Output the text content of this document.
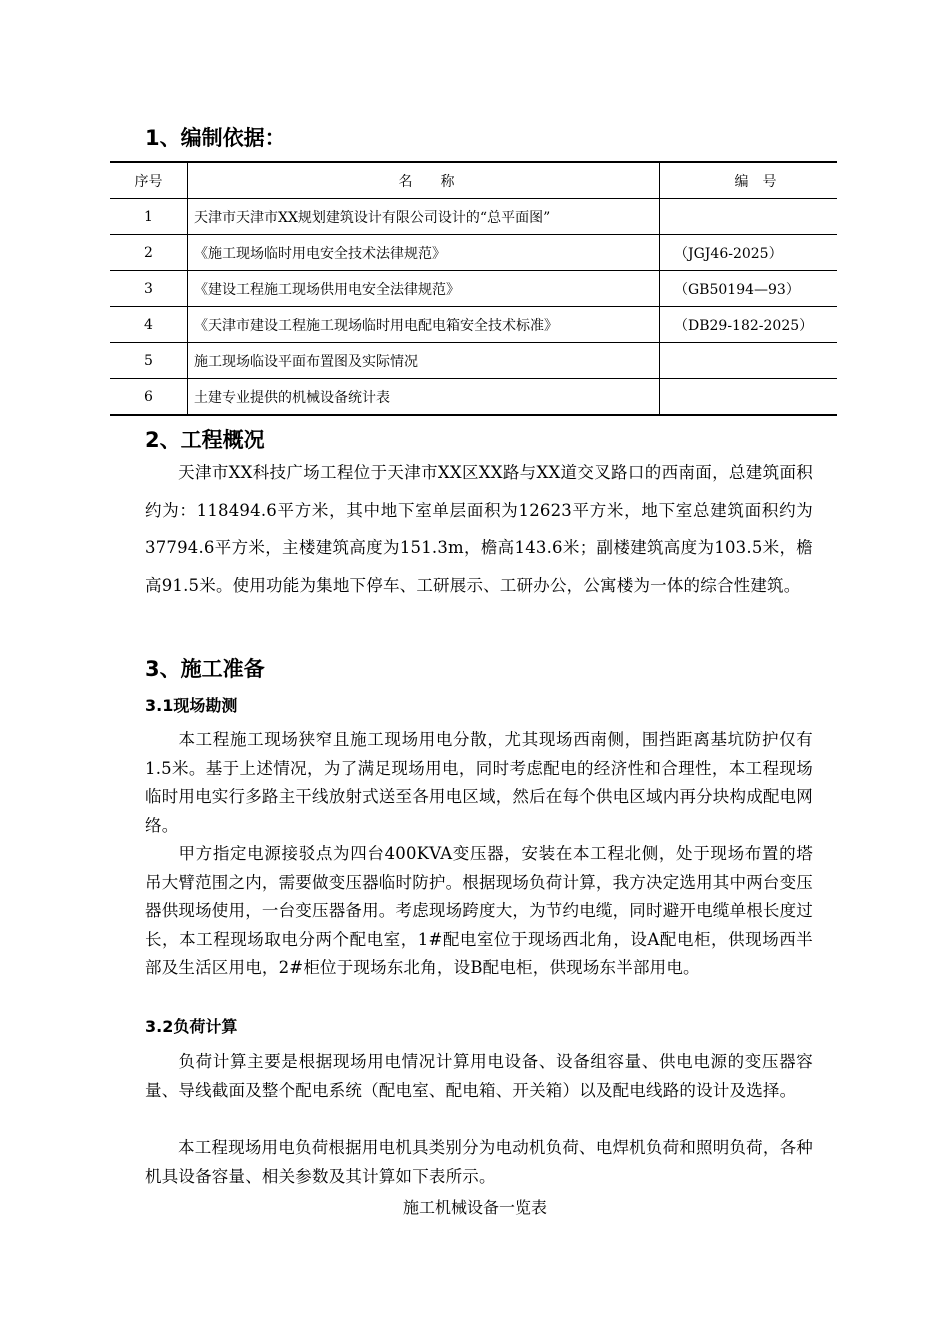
1、编制依据：
序号	名　　称	编　号
1	天津市天津市XX规划建筑设计有限公司设计的“总平面图”	
2	《施工现场临时用电安全技术法律规范》	（JGJ46-2025）
3	《建设工程施工现场供用电安全法律规范》	（GB50194—93）
4	《天津市建设工程施工现场临时用电配电箱安全技术标准》	（DB29-182-2025）
5	施工现场临设平面布置图及实际情况	
6	土建专业提供的机械设备统计表	
2、工程概况
天津市XX科技广场工程位于天津市XX区XX路与XX道交叉路口的西南面，总建筑面积约为：118494.6平方米，其中地下室单层面积为12623平方米，地下室总建筑面积约为37794.6平方米，主楼建筑高度为151.3m，檐高143.6米；副楼建筑高度为103.5米，檐高91.5米。使用功能为集地下停车、工研展示、工研办公，公寓楼为一体的综合性建筑。
3、施工准备
3.1现场勘测
本工程施工现场狭窄且施工现场用电分散，尤其现场西南侧，围挡距离基坑防护仅有1.5米。基于上述情况，为了满足现场用电，同时考虑配电的经济性和合理性，本工程现场临时用电实行多路主干线放射式送至各用电区域，然后在每个供电区域内再分块构成配电网络。
甲方指定电源接驳点为四台400KVA变压器，安装在本工程北侧，处于现场布置的塔吊大臂范围之内，需要做变压器临时防护。根据现场负荷计算，我方决定选用其中两台变压器供现场使用，一台变压器备用。考虑现场跨度大，为节约电缆，同时避开电缆单根长度过长，本工程现场取电分两个配电室，1#配电室位于现场西北角，设A配电柜，供现场西半部及生活区用电，2#柜位于现场东北角，设B配电柜，供现场东半部用电。
3.2负荷计算
负荷计算主要是根据现场用电情况计算用电设备、设备组容量、供电电源的变压器容量、导线截面及整个配电系统（配电室、配电箱、开关箱）以及配电线路的设计及选择。
本工程现场用电负荷根据用电机具类别分为电动机负荷、电焊机负荷和照明负荷，各种机具设备容量、相关参数及其计算如下表所示。
施工机械设备一览表
